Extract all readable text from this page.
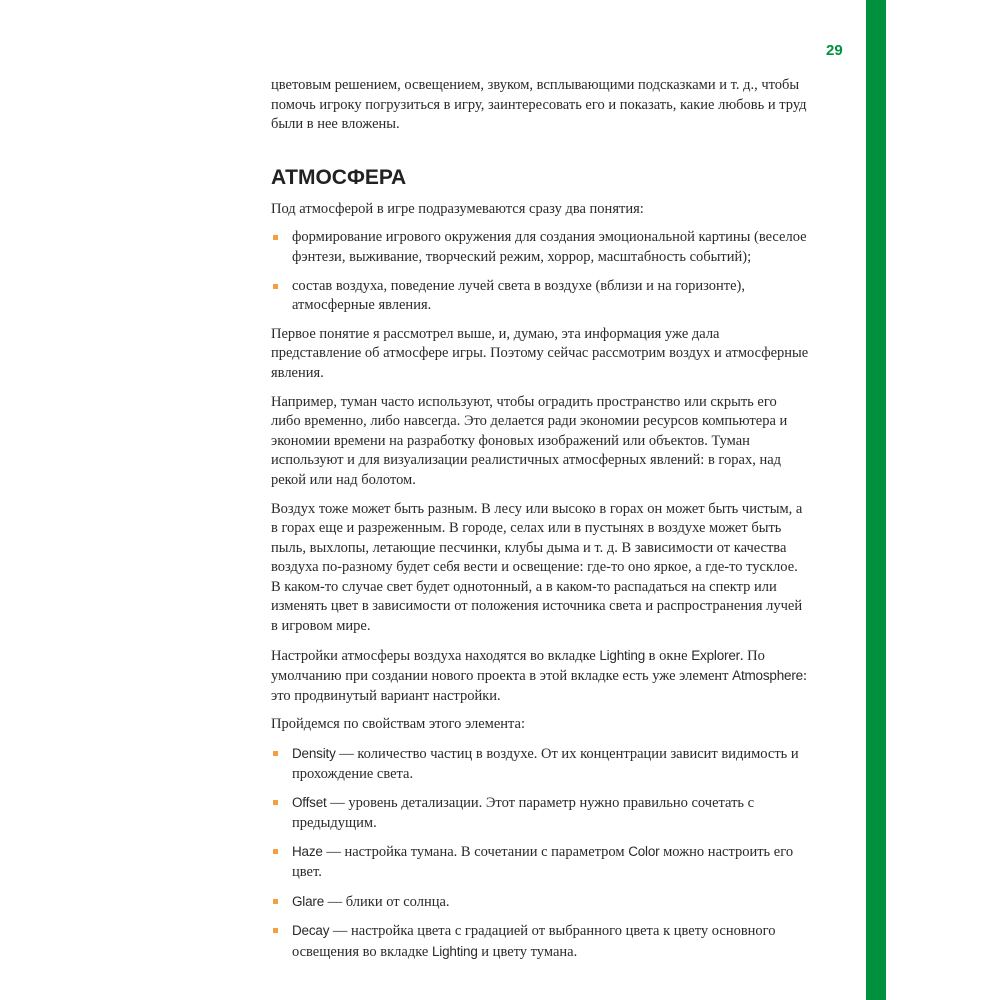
29

цветовым решением, освещением, звуком, всплывающими подсказками и т. д., чтобы помочь игроку погрузиться в игру, заинтересовать его и показать, какие любовь и труд были в нее вложены.

АТМОСФЕРА

Под атмосферой в игре подразумеваются сразу два понятия:

формирование игрового окружения для создания эмоциональной картины (веселое фэнтези, выживание, творческий режим, хоррор, масштабность событий);
состав воздуха, поведение лучей света в воздухе (вблизи и на горизонте), атмосферные явления.

Первое понятие я рассмотрел выше, и, думаю, эта информация уже дала представление об атмосфере игры. Поэтому сейчас рассмотрим воздух и атмосферные явления.

Например, туман часто используют, чтобы оградить пространство или скрыть его либо временно, либо навсегда. Это делается ради экономии ресурсов компьютера и экономии времени на разработку фоновых изображений или объектов. Туман используют и для визуализации реалистичных атмосферных явлений: в горах, над рекой или над болотом.

Воздух тоже может быть разным. В лесу или высоко в горах он может быть чистым, а в горах еще и разреженным. В городе, селах или в пустынях в воздухе может быть пыль, выхлопы, летающие песчинки, клубы дыма и т. д. В зависимости от качества воздуха по-разному будет себя вести и освещение: где-то оно яркое, а где-то тусклое. В каком-то случае свет будет однотонный, а в каком-то распадаться на спектр или изменять цвет в зависимости от положения источника света и распространения лучей в игровом мире.

Настройки атмосферы воздуха находятся во вкладке Lighting в окне Explorer. По умолчанию при создании нового проекта в этой вкладке есть уже элемент Atmosphere: это продвинутый вариант настройки.

Пройдемся по свойствам этого элемента:

Density — количество частиц в воздухе. От их концентрации зависит видимость и прохождение света.
Offset — уровень детализации. Этот параметр нужно правильно сочетать с предыдущим.
Haze — настройка тумана. В сочетании с параметром Color можно настроить его цвет.
Glare — блики от солнца.
Decay — настройка цвета с градацией от выбранного цвета к цвету основного освещения во вкладке Lighting и цвету тумана.
